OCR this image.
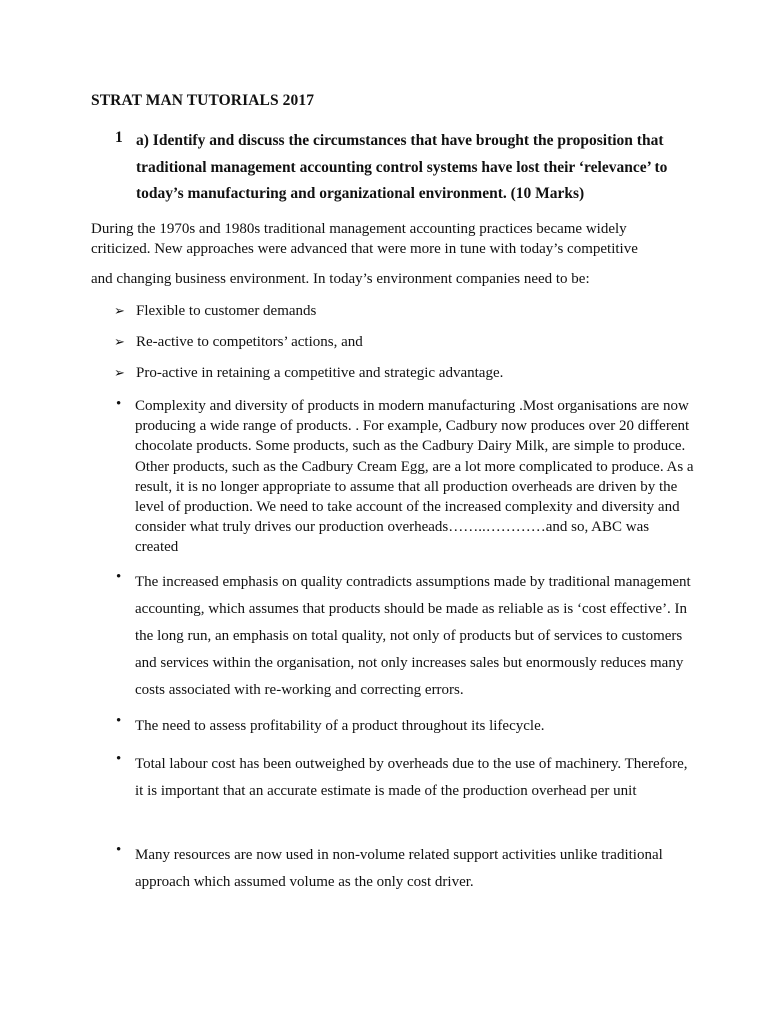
STRAT MAN TUTORIALS 2017
1 a) Identify and discuss the circumstances that have brought the proposition that traditional management accounting control systems have lost their ‘relevance’ to today’s manufacturing and organizational environment. (10 Marks)
During the 1970s and 1980s traditional management accounting practices became widely
criticized. New approaches were advanced that were more in tune with today’s competitive
and changing business environment. In today’s environment companies need to be:
➢ Flexible to customer demands
➢ Re-active to competitors’ actions, and
➢ Pro-active in retaining a competitive and strategic advantage.
• Complexity and diversity of products in modern manufacturing .Most organisations are now producing a wide range of products. . For example, Cadbury now produces over 20 different chocolate products. Some products, such as the Cadbury Dairy Milk, are simple to produce. Other products, such as the Cadbury Cream Egg, are a lot more complicated to produce. As a result, it is no longer appropriate to assume that all production overheads are driven by the level of production. We need to take account of the increased complexity and diversity and consider what truly drives our production overheads……..…………and so, ABC was created
• The increased emphasis on quality contradicts assumptions made by traditional management accounting, which assumes that products should be made as reliable as is ‘cost effective’. In the long run, an emphasis on total quality, not only of products but of services to customers and services within the organisation, not only increases sales but enormously reduces many costs associated with re-working and correcting errors.
• The need to assess profitability of a product throughout its lifecycle.
• Total labour cost has been outweighed by overheads due to the use of machinery. Therefore, it is important that an accurate estimate is made of the production overhead per unit
• Many resources are now used in non-volume related support activities unlike traditional approach which assumed volume as the only cost driver.
